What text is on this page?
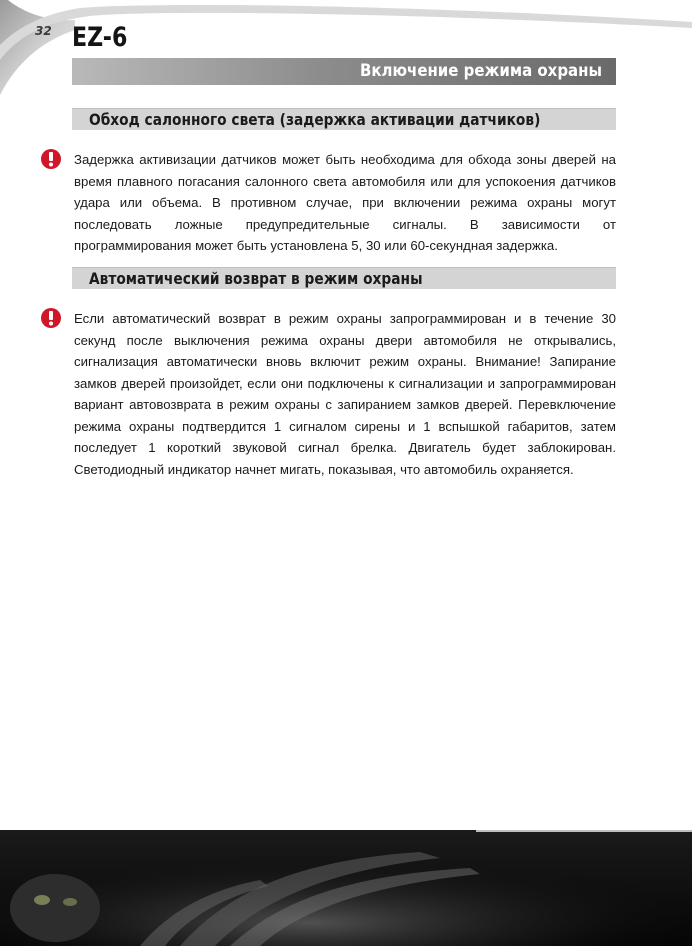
32 EZ-6
Включение режима охраны
Обход салонного света (задержка активации датчиков)
Задержка активизации датчиков может быть необходима для обхода зоны дверей на время плавного погасания салонного света автомобиля или для успокоения датчиков удара или объема. В противном случае, при включении режима охраны могут последовать ложные предупредительные сигналы. В зависимости от программирования может быть установлена 5, 30 или 60-секундная задержка.
Автоматический возврат в режим охраны
Если автоматический возврат в режим охраны запрограммирован и в течение 30 секунд после выключения режима охраны двери автомобиля не открывались, сигнализация автоматически вновь включит режим охраны. Внимание! Запирание замков дверей произойдет, если они подключены к сигнализации и запрограммирован вариант автовозврата в режим охраны с запиранием замков дверей. Перевключение режима охраны подтвердится 1 сигналом сирены и 1 вспышкой габаритов, затем последует 1 короткий звуковой сигнал брелка. Двигатель будет заблокирован. Светодиодный индикатор начнет мигать, показывая, что автомобиль охраняется.
